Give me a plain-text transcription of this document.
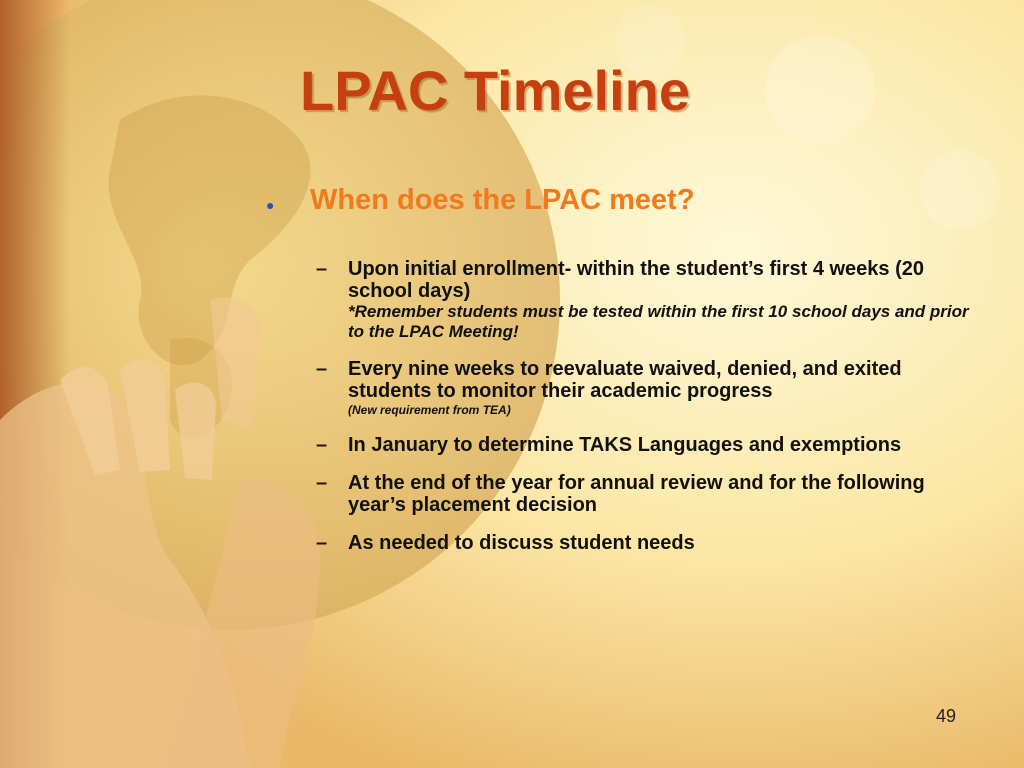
LPAC Timeline
● When does the LPAC meet?
– Upon initial enrollment- within the student’s first 4 weeks (20 school days)
*Remember students must be tested within the first 10 school days and prior to the LPAC Meeting!
– Every nine weeks to reevaluate waived, denied, and exited students to monitor their academic progress
(New requirement from TEA)
– In January to determine TAKS Languages and exemptions
– At the end of the year for annual review and for the following year’s placement decision
– As needed to discuss student needs
49
